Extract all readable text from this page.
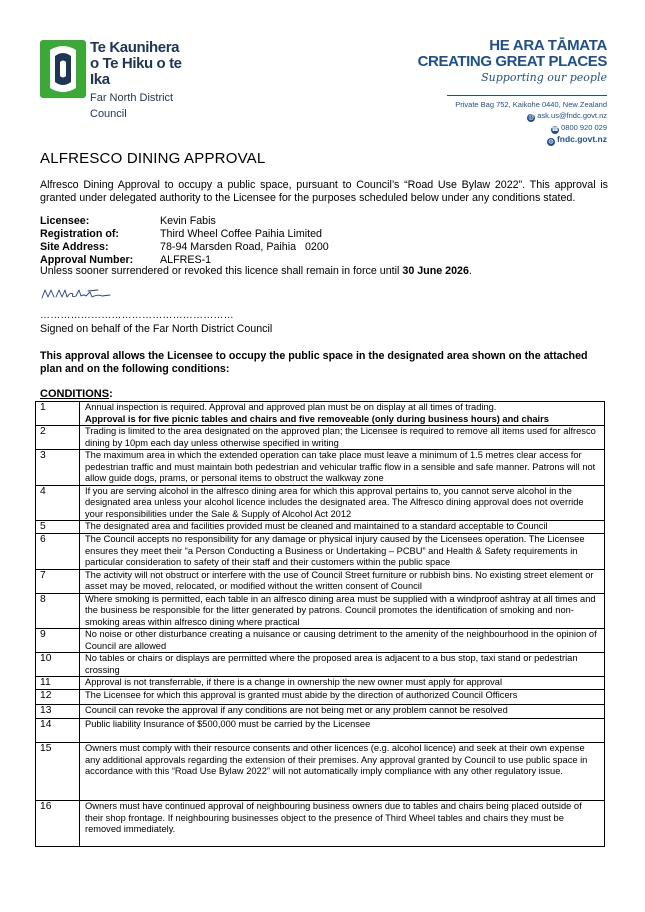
Te Kaunihera
o Te Hiku o te Ika
Far North District Council
HE ARA TĀMATA
CREATING GREAT PLACES
Supporting our people
Private Bag 752, Kaikohe 0440, New Zealand
@ ask.us@fndc.govt.nz
☎ 0800 920 029
◍ fndc.govt.nz
ALFRESCO DINING APPROVAL
Alfresco Dining Approval to occupy a public space, pursuant to Council’s “Road Use Bylaw 2022”. This approval is granted under delegated authority to the Licensee for the purposes scheduled below under any conditions stated.
Licensee:	Kevin Fabis
Registration of:	Third Wheel Coffee Paihia Limited
Site Address:	78-94 Marsden Road, Paihia   0200
Approval Number:	ALFRES-1
Unless sooner surrendered or revoked this licence shall remain in force until 30 June 2026.
…………………………………………………
Signed on behalf of the Far North District Council
This approval allows the Licensee to occupy the public space in the designated area shown on the attached plan and on the following conditions:
CONDITIONS:
1	Annual inspection is required. Approval and approved plan must be on display at all times of trading.
Approval is for five picnic tables and chairs and five removeable (only during business hours) and chairs

2	Trading is limited to the area designated on the approved plan; the Licensee is required to remove all items used for alfresco dining by 10pm each day unless otherwise specified in writing

3	The maximum area in which the extended operation can take place must leave a minimum of 1.5 metres clear access for pedestrian traffic and must maintain both pedestrian and vehicular traffic flow in a sensible and safe manner. Patrons will not allow guide dogs, prams, or personal items to obstruct the walkway zone

4	If you are serving alcohol in the alfresco dining area for which this approval pertains to, you cannot serve alcohol in the designated area unless your alcohol licence includes the designated area. The Alfresco dining approval does not override your responsibilities under the Sale & Supply of Alcohol Act 2012

5	The designated area and facilities provided must be cleaned and maintained to a standard acceptable to Council

6	The Council accepts no responsibility for any damage or physical injury caused by the Licensees operation. The Licensee ensures they meet their “a Person Conducting a Business or Undertaking – PCBU” and Health & Safety requirements in particular consideration to safety of their staff and their customers within the public space

7	The activity will not obstruct or interfere with the use of Council Street furniture or rubbish bins. No existing street element or asset may be moved, relocated, or modified without the written consent of Council

8	Where smoking is permitted, each table in an alfresco dining area must be supplied with a windproof ashtray at all times and the business be responsible for the litter generated by patrons. Council promotes the identification of smoking and non-smoking areas within alfresco dining where practical

9	No noise or other disturbance creating a nuisance or causing detriment to the amenity of the neighbourhood in the opinion of Council are allowed

10	No tables or chairs or displays are permitted where the proposed area is adjacent to a bus stop, taxi stand or pedestrian crossing

11	Approval is not transferrable, if there is a change in ownership the new owner must apply for approval

12	The Licensee for which this approval is granted must abide by the direction of authorized Council Officers

13	Council can revoke the approval if any conditions are not being met or any problem cannot be resolved

14	Public liability Insurance of $500,000 must be carried by the Licensee

15	Owners must comply with their resource consents and other licences (e.g. alcohol licence) and seek at their own expense any additional approvals regarding the extension of their premises. Any approval granted by Council to use public space in accordance with this “Road Use Bylaw 2022” will not automatically imply compliance with any other regulatory issue.

16	Owners must have continued approval of neighbouring business owners due to tables and chairs being placed outside of their shop frontage. If neighbouring businesses object to the presence of Third Wheel tables and chairs they must be removed immediately.
